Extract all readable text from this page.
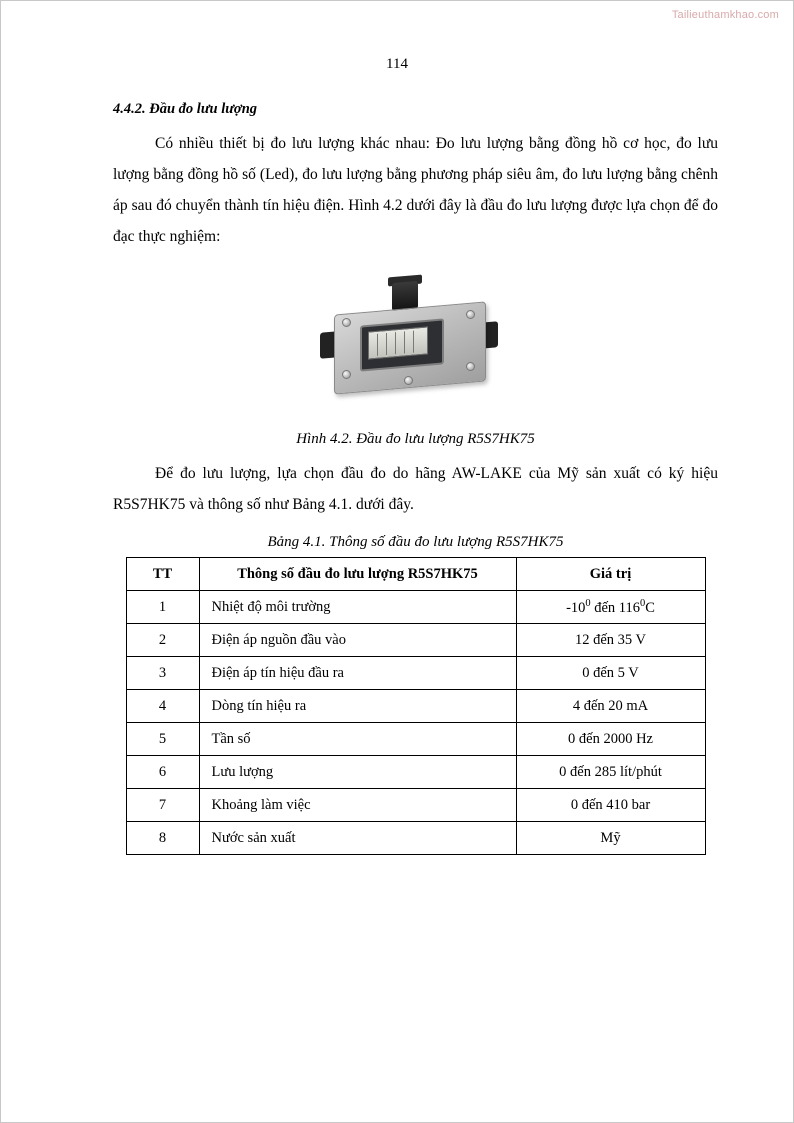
Tailieuthamkhao.com
114
4.4.2. Đầu đo lưu lượng

Có nhiều thiết bị đo lưu lượng khác nhau: Đo lưu lượng bằng đồng hồ cơ học, đo lưu lượng bằng đồng hồ số (Led), đo lưu lượng bằng phương pháp siêu âm, đo lưu lượng bằng chênh áp sau đó chuyển thành tín hiệu điện. Hình 4.2 dưới đây là đầu đo lưu lượng được lựa chọn để đo đạc thực nghiệm:

Hình 4.2. Đầu đo lưu lượng R5S7HK75

Để đo lưu lượng, lựa chọn đầu đo do hãng AW-LAKE của Mỹ sản xuất có ký hiệu R5S7HK75 và thông số như Bảng 4.1. dưới đây.

Bảng 4.1. Thông số đầu đo lưu lượng R5S7HK75
TT	Thông số đầu đo lưu lượng R5S7HK75	Giá trị
1	Nhiệt độ môi trường	$-10^0$ đến $116^0C$
2	Điện áp nguồn đầu vào	12 đến 35 V
3	Điện áp tín hiệu đầu ra	0 đến 5 V
4	Dòng tín hiệu ra	4 đến 20 mA
5	Tần số	0 đến 2000 Hz
6	Lưu lượng	0 đến 285 lít/phút
7	Khoảng làm việc	0 đến 410 bar
8	Nước sản xuất	Mỹ
